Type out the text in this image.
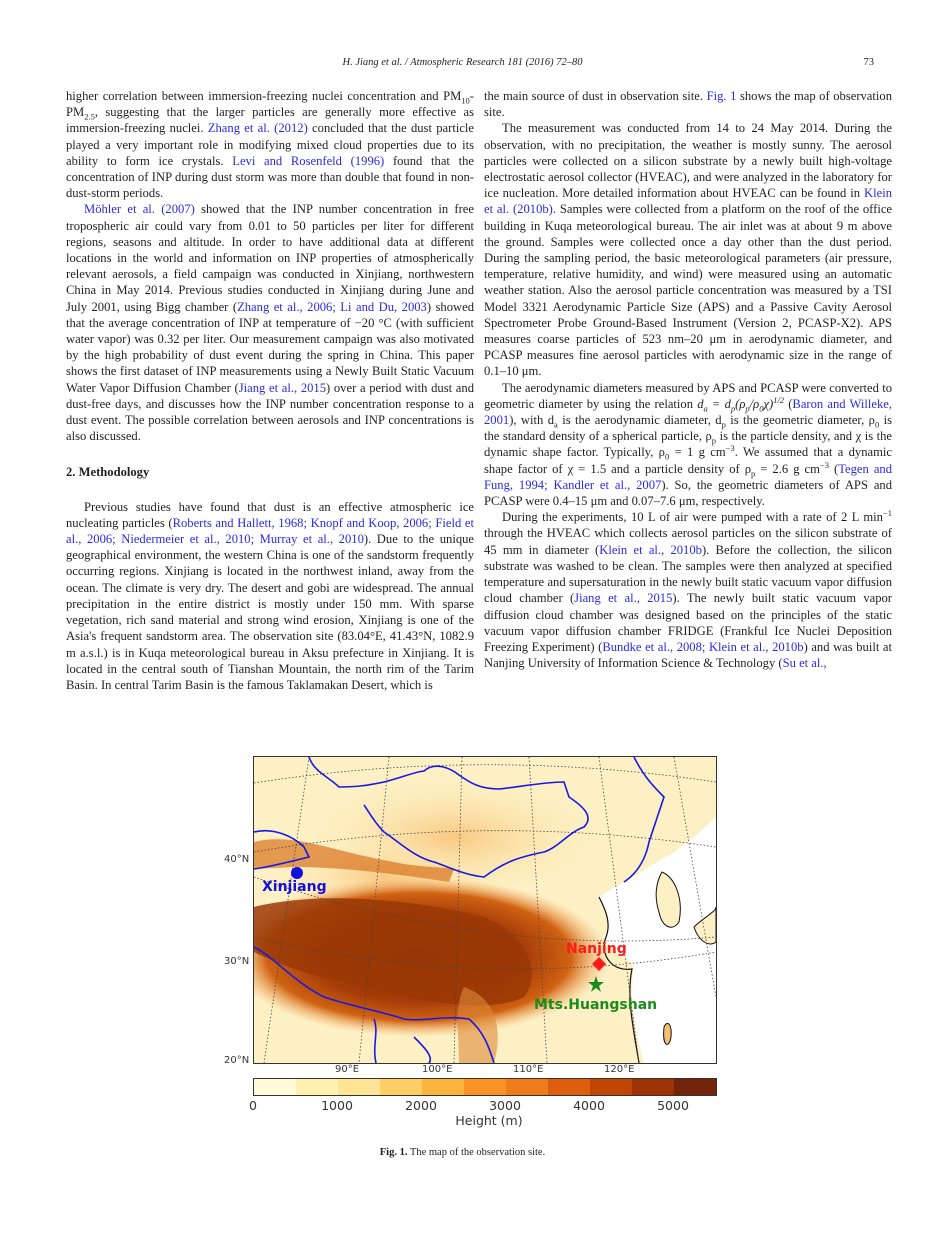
H. Jiang et al. / Atmospheric Research 181 (2016) 72–80	73

higher correlation between immersion-freezing nuclei concentration and $PM_{10}-PM_{2.5}$, suggesting that the larger particles are generally more effective as immersion-freezing nuclei. Zhang et al. (2012) concluded that the dust particle played a very important role in modifying mixed cloud properties due to its ability to form ice crystals. Levi and Rosenfeld (1996) found that the concentration of INP during dust storm was more than double that found in non-dust-storm periods.

Möhler et al. (2007) showed that the INP number concentration in free tropospheric air could vary from 0.01 to 50 particles per liter for different regions, seasons and altitude. In order to have additional data at different locations in the world and information on INP properties of atmospherically relevant aerosols, a field campaign was conducted in Xinjiang, northwestern China in May 2014. Previous studies conducted in Xinjiang during June and July 2001, using Bigg chamber (Zhang et al., 2006; Li and Du, 2003) showed that the average concentration of INP at temperature of −20 °C (with sufficient water vapor) was 0.32 per liter. Our measurement campaign was also motivated by the high probability of dust event during the spring in China. This paper shows the first dataset of INP measurements using a Newly Built Static Vacuum Water Vapor Diffusion Chamber (Jiang et al., 2015) over a period with dust and dust-free days, and discusses how the INP number concentration response to a dust event. The possible correlation between aerosols and INP concentrations is also discussed.

2. Methodology

Previous studies have found that dust is an effective atmospheric ice nucleating particles (Roberts and Hallett, 1968; Knopf and Koop, 2006; Field et al., 2006; Niedermeier et al., 2010; Murray et al., 2010). Due to the unique geographical environment, the western China is one of the sandstorm frequently occurring regions. Xinjiang is located in the northwest inland, away from the ocean. The climate is very dry. The desert and gobi are widespread. The annual precipitation in the entire district is mostly under 150 mm. With sparse vegetation, rich sand material and strong wind erosion, Xinjiang is one of the Asia's frequent sandstorm area. The observation site (83.04°E, 41.43°N, 1082.9 m a.s.l.) is in Kuqa meteorological bureau in Aksu prefecture in Xinjiang. It is located in the central south of Tianshan Mountain, the north rim of the Tarim Basin. In central Tarim Basin is the famous Taklamakan Desert, which is

the main source of dust in observation site. Fig. 1 shows the map of observation site.

The measurement was conducted from 14 to 24 May 2014. During the observation, with no precipitation, the weather is mostly sunny. The aerosol particles were collected on a silicon substrate by a newly built high-voltage electrostatic aerosol collector (HVEAC), and were analyzed in the laboratory for ice nucleation. More detailed information about HVEAC can be found in Klein et al. (2010b). Samples were collected from a platform on the roof of the office building in Kuqa meteorological bureau. The air inlet was at about 9 m above the ground. Samples were collected once a day other than the dust period. During the sampling period, the basic meteorological parameters (air pressure, temperature, relative humidity, and wind) were measured using an automatic weather station. Also the aerosol particle concentration was measured by a TSI Model 3321 Aerodynamic Particle Size (APS) and a Passive Cavity Aerosol Spectrometer Probe Ground-Based Instrument (Version 2, PCASP-X2). APS measures coarse particles of 523 nm–20 μm in aerodynamic diameter, and PCASP measures fine aerosol particles with aerodynamic size in the range of 0.1–10 μm.

The aerodynamic diameters measured by APS and PCASP were converted to geometric diameter by using the relation $d_a = d_p(\rho_p/\rho_0\chi)^{1/2}$ (Baron and Willeke, 2001), with $d_a$ is the aerodynamic diameter, $d_p$ is the geometric diameter, $\rho_0$ is the standard density of a spherical particle, $\rho_p$ is the particle density, and χ is the dynamic shape factor. Typically, $\rho_0 = 1$ g $cm^{-3}$. We assumed that a dynamic shape factor of χ = 1.5 and a particle density of $\rho_p = 2.6$ g $cm^{-3}$ (Tegen and Fung, 1994; Kandler et al., 2007). So, the geometric diameters of APS and PCASP were 0.4–15 μm and 0.07–7.6 μm, respectively.

During the experiments, 10 L of air were pumped with a rate of 2 L $\min^{-1}$ through the HVEAC which collects aerosol particles on the silicon substrate of 45 mm in diameter (Klein et al., 2010b). Before the collection, the silicon substrate was washed to be clean. The samples were then analyzed at specified temperature and supersaturation in the newly built static vacuum vapor diffusion cloud chamber (Jiang et al., 2015). The newly built static vacuum vapor diffusion cloud chamber was designed based on the principles of the static vacuum vapor diffusion chamber FRIDGE (Frankful Ice Nuclei Deposition Freezing Experiment) (Bundke et al., 2008; Klein et al., 2010b) and was built at Nanjing University of Information Science & Technology (Su et al.,

Xinjiang
Nanjing
Mts.Huangshan
40°N
30°N
20°N
90°E	100°E	110°E	120°E
0	1000	2000	3000	4000	5000
Height (m)
Fig. 1. The map of the observation site.
